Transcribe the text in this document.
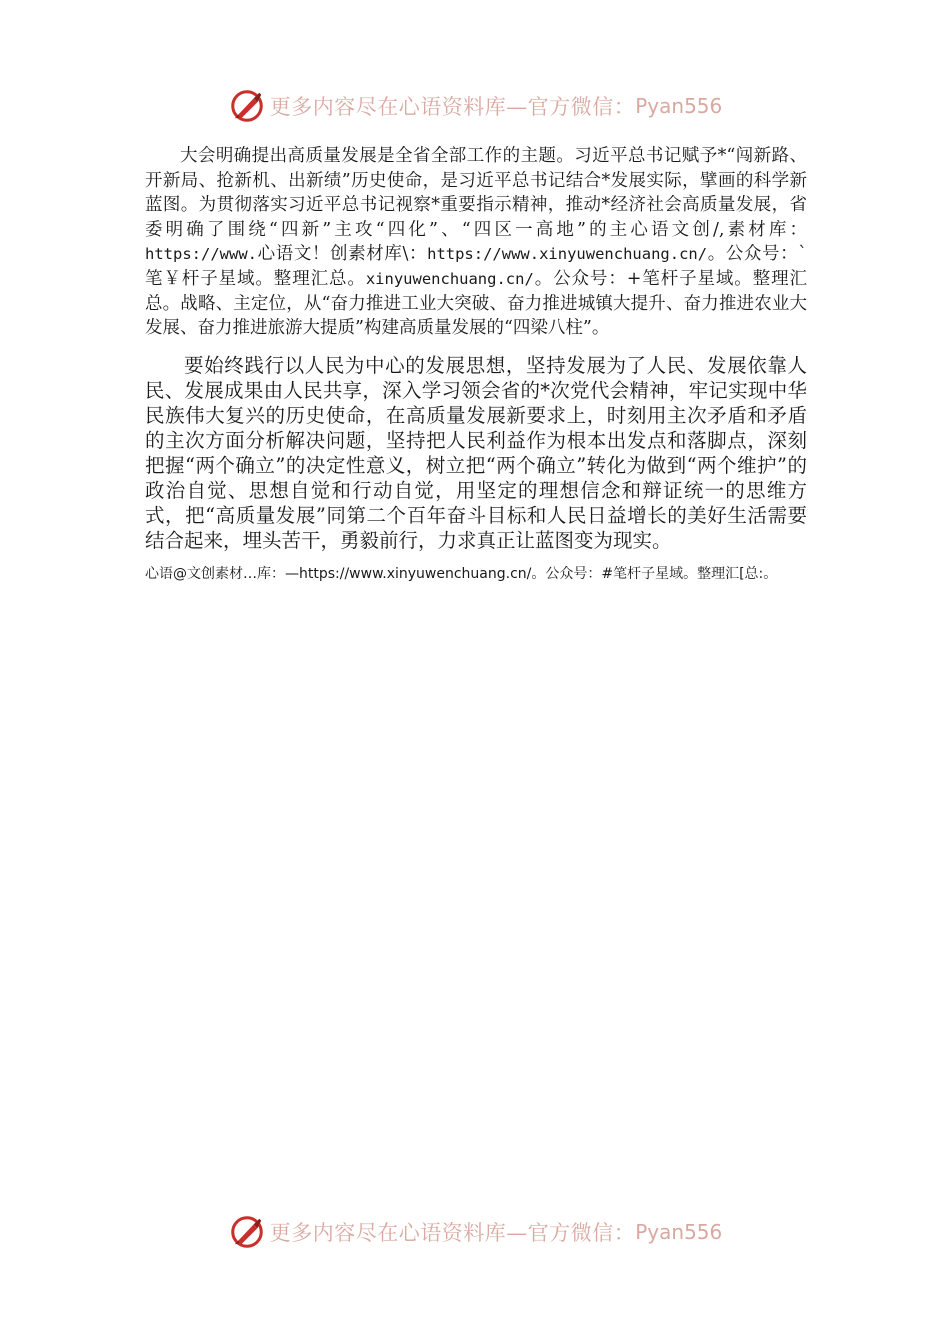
更多内容尽在心语资料库—官方微信： Pyan556

大会明确提出高质量发展是全省全部工作的主题。习近平总书记赋予*“闯新路、开新局、抢新机、出新绩”历史使命，是习近平总书记结合*发展实际，擘画的科学新蓝图。为贯彻落实习近平总书记视察*重要指示精神，推动*经济社会高质量发展，省委明确了围绕“四新”主攻“四化”、“四区一高地”的主心语文创/,素材库：https://www.心语文！创素材库\：https://www.xinyuwenchuang.cn/。公众号：`笔￥杆子星域。整理汇总。xinyuwenchuang.cn/。公众号：+笔杆子星域。整理汇总。战略、主定位，从“奋力推进工业大突破、奋力推进城镇大提升、奋力推进农业大发展、奋力推进旅游大提质”构建高质量发展的“四梁八柱”。

要始终践行以人民为中心的发展思想，坚持发展为了人民、发展依靠人民、发展成果由人民共享，深入学习领会省的*次党代会精神，牢记实现中华民族伟大复兴的历史使命，在高质量发展新要求上，时刻用主次矛盾和矛盾的主次方面分析解决问题，坚持把人民利益作为根本出发点和落脚点，深刻把握“两个确立”的决定性意义，树立把“两个确立”转化为做到“两个维护”的政治自觉、思想自觉和行动自觉，用坚定的理想信念和辩证统一的思维方式，把“高质量发展”同第二个百年奋斗目标和人民日益增长的美好生活需要结合起来，埋头苦干，勇毅前行，力求真正让蓝图变为现实。

心语@文创素材…库：—https://www.xinyuwenchuang.cn/。公众号：#笔杆子星域。整理汇[总:。

更多内容尽在心语资料库—官方微信： Pyan556
